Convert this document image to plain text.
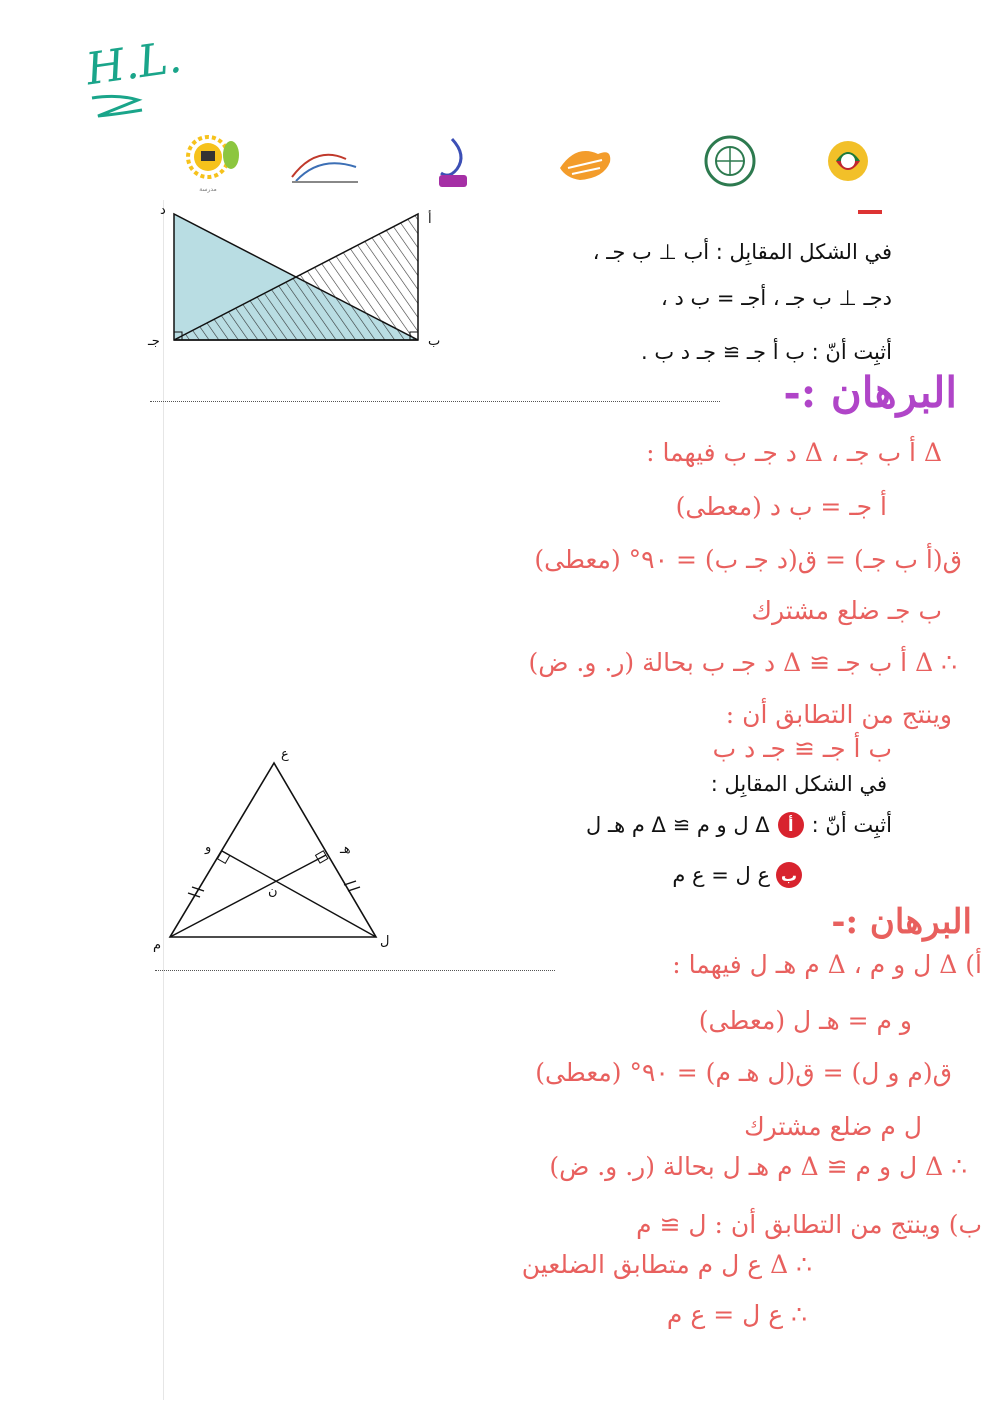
H.L.
مدرسة
د
أ
جـ	ب
في الشكل المقابِل : أب ⊥ ب جـ ،
دجـ ⊥ ب جـ ، أجـ = ب د ،
أثبِت أنّ : ب أ جـ ≅ جـ د ب .
البرهان :-
Δ أ ب جـ ، Δ د جـ ب فيهما :
أ جـ = ب د (معطى)
ق(أ ب جـ) = ق(د جـ ب) = ٩٠° (معطى)
ب جـ ضلع مشترك
∴ Δ أ ب جـ ≅ Δ د جـ ب بحالة (ر. و. ض)
وينتج من التطابق أن :
ب أ جـ ≅ جـ د ب
ع
و	هـ
ن
م	ل
في الشكل المقابِل :
أثبِت أنّ :
أ
Δ ل و م ≅ Δ م هـ ل
ب
ع ل = ع م
البرهان :-
أ) Δ ل و م ، Δ م هـ ل فيهما :
و م = هـ ل (معطى)
ق(م و ل) = ق(ل هـ م) = ٩٠° (معطى)
ل م ضلع مشترك
∴ Δ ل و م ≅ Δ م هـ ل بحالة (ر. و. ض)
ب) وينتج من التطابق أن : ل ≅ م
∴ Δ ع ل م متطابق الضلعين
∴ ع ل = ع م
